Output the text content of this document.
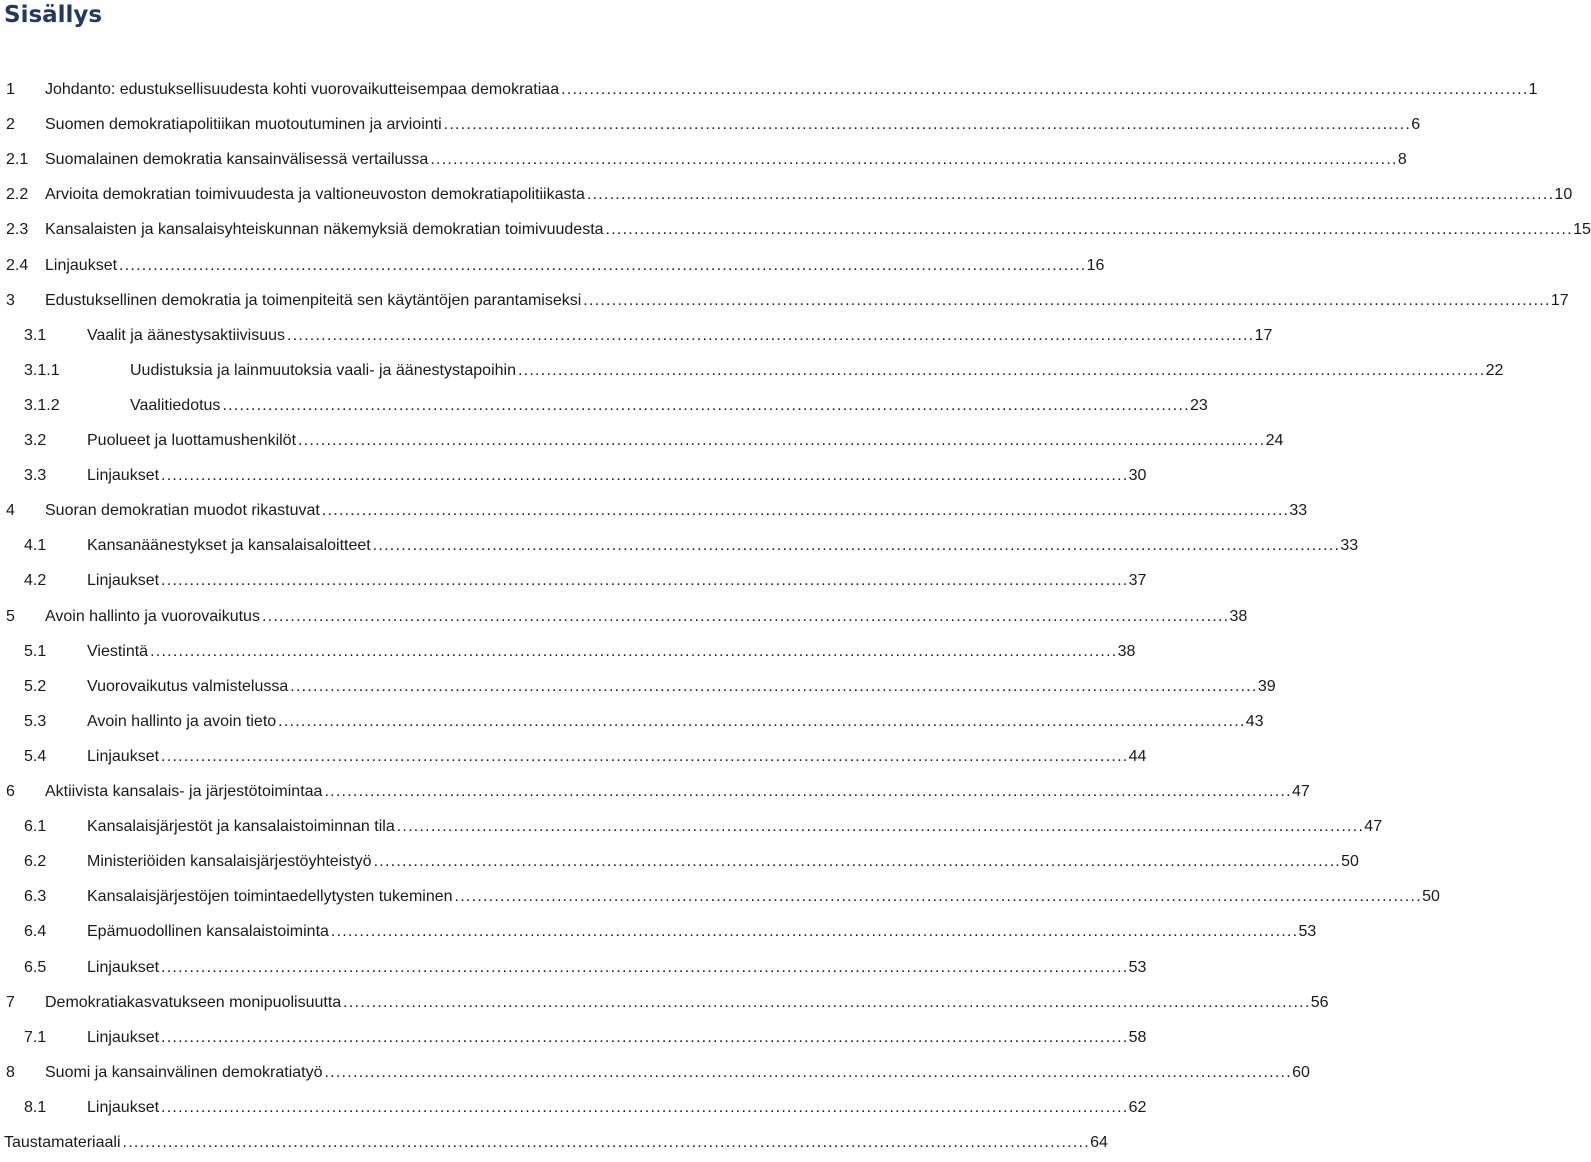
Sisällys
1	Johdanto: edustuksellisuudesta kohti vuorovaikutteisempaa demokratiaa . . .	1
2	Suomen demokratiapolitiikan muotoutuminen ja arviointi . . .	6
2.1	Suomalainen demokratia kansainvälisessä vertailussa . . .	8
2.2	Arvioita demokratian toimivuudesta ja valtioneuvoston demokratiapolitiikasta . . .	10
2.3	Kansalaisten ja kansalaisyhteiskunnan näkemyksiä demokratian toimivuudesta . . .	15
2.4	Linjaukset . . .	16
3	Edustuksellinen demokratia ja toimenpiteitä sen käytäntöjen parantamiseksi . . .	17
3.1	Vaalit ja äänestysaktiivisuus . . .	17
3.1.1	Uudistuksia ja lainmuutoksia vaali- ja äänestystapoihin . . .	22
3.1.2	Vaalitiedotus . . .	23
3.2	Puolueet ja luottamushenkilöt . . .	24
3.3	Linjaukset . . .	30
4	Suoran demokratian muodot rikastuvat . . .	33
4.1	Kansanäänestykset ja kansalaisaloitteet . . .	33
4.2	Linjaukset . . .	37
5	Avoin hallinto ja vuorovaikutus . . .	38
5.1	Viestintä . . .	38
5.2	Vuorovaikutus valmistelussa . . .	39
5.3	Avoin hallinto ja avoin tieto . . .	43
5.4	Linjaukset . . .	44
6	Aktiivista kansalais- ja järjestötoimintaa . . .	47
6.1	Kansalaisjärjestöt ja kansalaistoiminnan tila . . .	47
6.2	Ministeriöiden kansalaisjärjestöyhteistyö . . .	50
6.3	Kansalaisjärjestöjen toimintaedellytysten tukeminen . . .	50
6.4	Epämuodollinen kansalaistoiminta . . .	53
6.5	Linjaukset . . .	53
7	Demokratiakasvatukseen monipuolisuutta . . .	56
7.1	Linjaukset . . .	58
8	Suomi ja kansainvälinen demokratiatyö . . .	60
8.1	Linjaukset . . .	62
Taustamateriaali . . .	64
